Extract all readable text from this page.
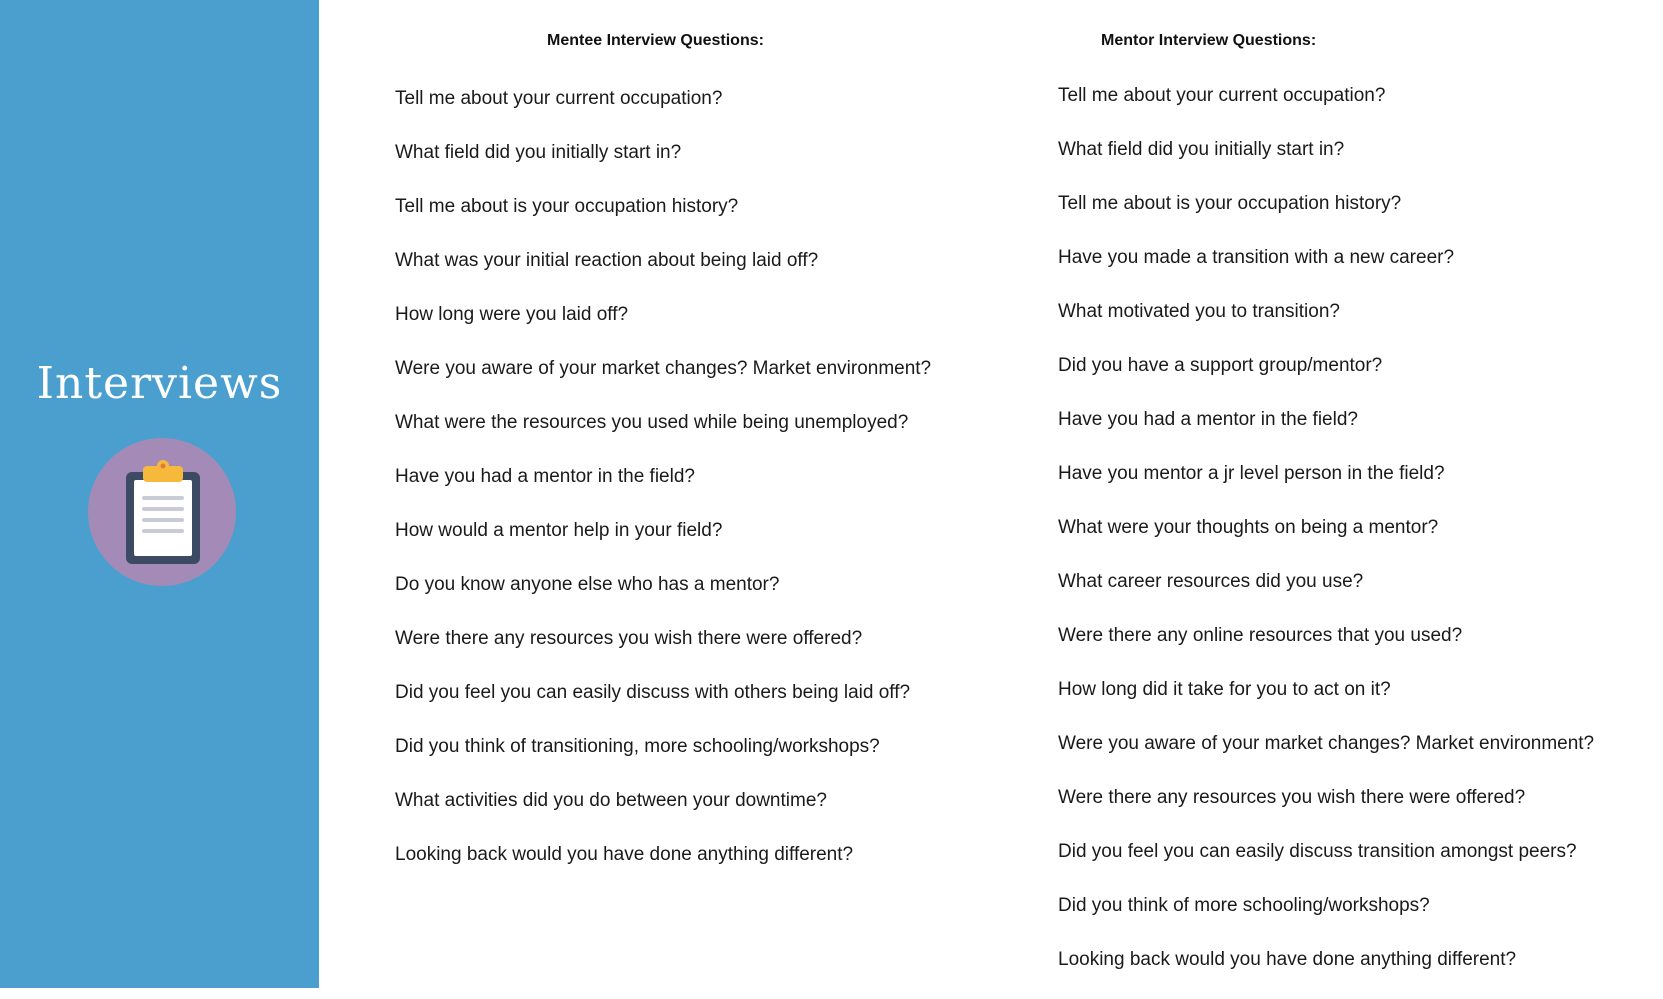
Interviews
Mentee Interview Questions:
Tell me about your current occupation?
What field did you initially start in?
Tell me about is your occupation history?
What was your initial reaction about being laid off?
How long were you laid off?
Were you aware of your market changes? Market environment?
What were the resources you used while being unemployed?
Have you had a mentor in the field?
How would a mentor help in your field?
Do you know anyone else who has a mentor?
Were there any resources you wish there were offered?
Did you feel you can easily discuss with others being laid off?
Did you think of transitioning, more schooling/workshops?
What activities did you do between your downtime?
Looking back would you have done anything different?
Mentor Interview Questions:
Tell me about your current occupation?
What field did you initially start in?
Tell me about is your occupation history?
Have you made a transition with a new career?
What motivated you to transition?
Did you have a support group/mentor?
Have you had a mentor in the field?
Have you mentor a jr level person in the field?
What were your thoughts on being a mentor?
What career resources did you use?
Were there any online resources that you used?
How long did it take for you to act on it?
Were you aware of your market changes? Market environment?
Were there any resources you wish there were offered?
Did you feel you can easily discuss transition amongst peers?
Did you think of more schooling/workshops?
Looking back would you have done anything different?
